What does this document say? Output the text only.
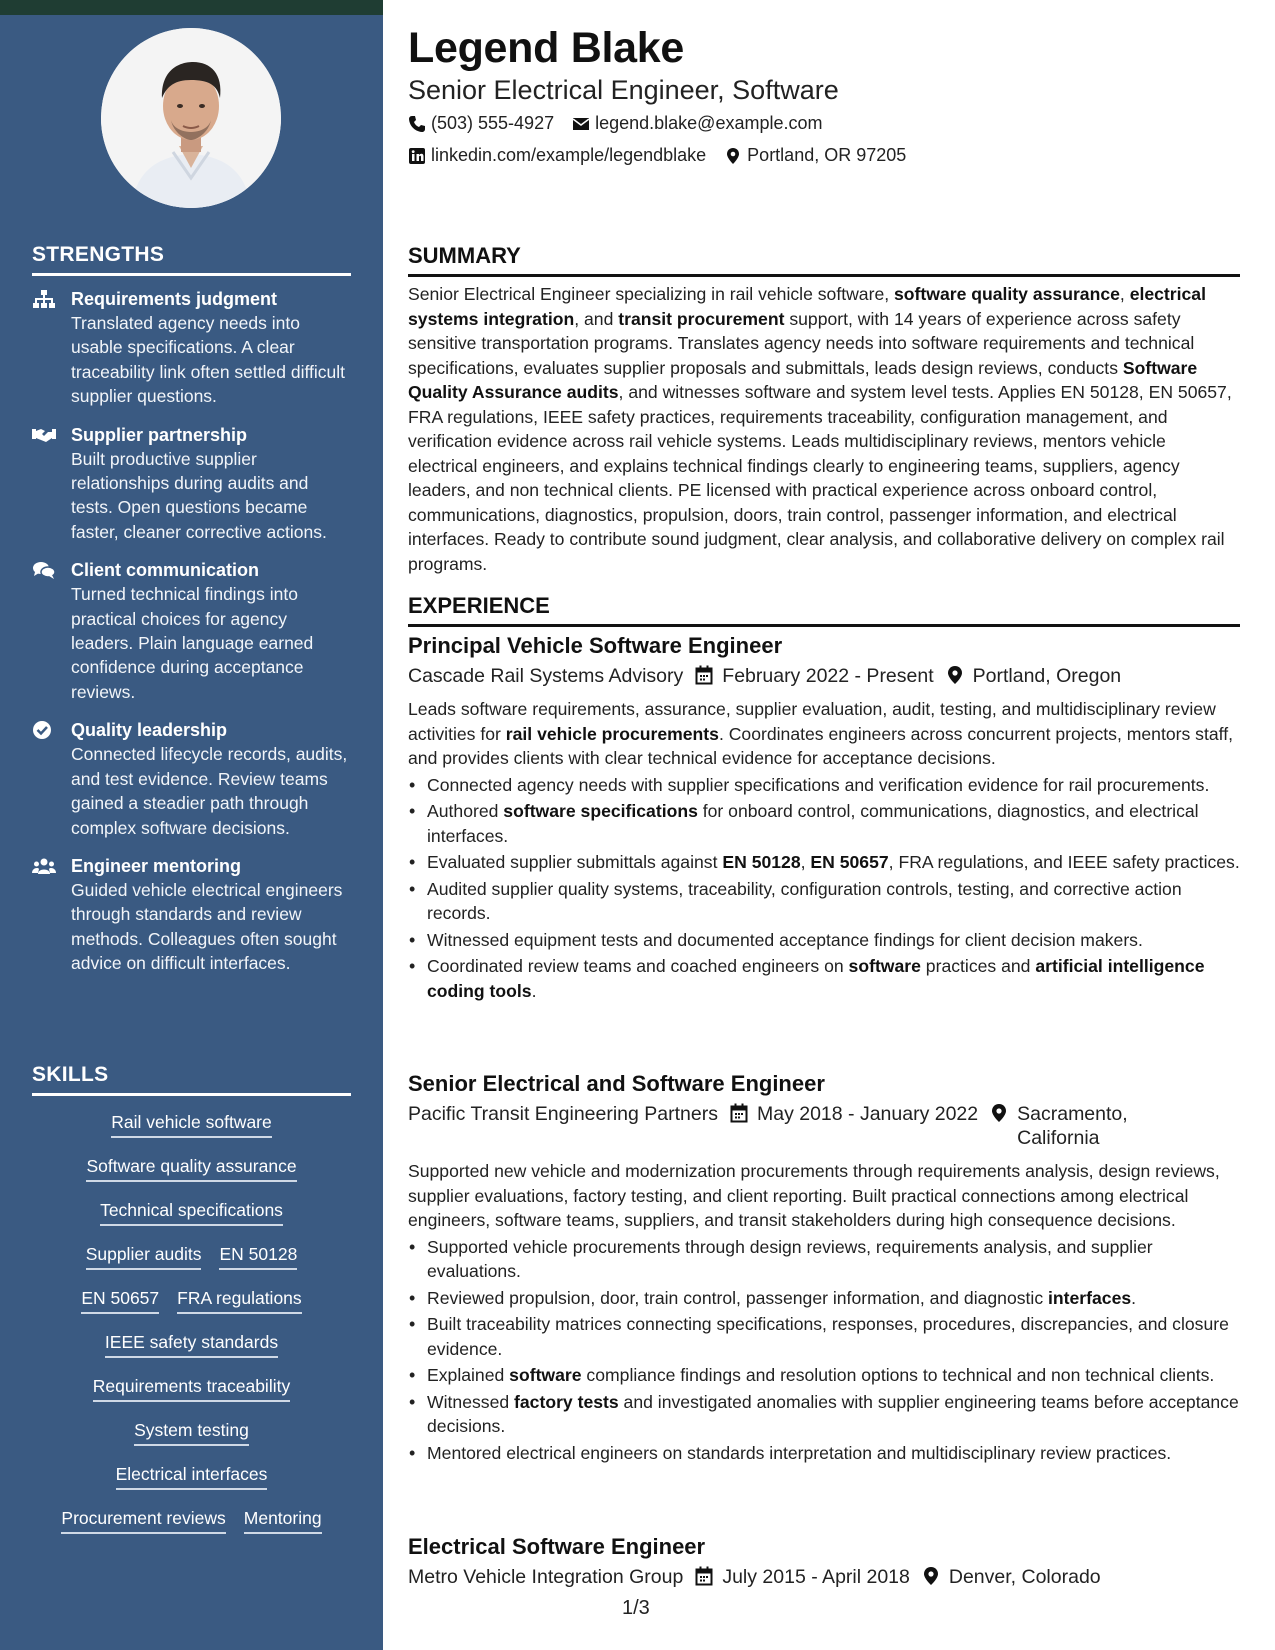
STRENGTHS
Requirements judgment
Translated agency needs into usable specifications. A clear traceability link often settled difficult supplier questions.
Supplier partnership
Built productive supplier relationships during audits and tests. Open questions became faster, cleaner corrective actions.
Client communication
Turned technical findings into practical choices for agency leaders. Plain language earned confidence during acceptance reviews.
Quality leadership
Connected lifecycle records, audits, and test evidence. Review teams gained a steadier path through complex software decisions.
Engineer mentoring
Guided vehicle electrical engineers through standards and review methods. Colleagues often sought advice on difficult interfaces.
SKILLS
Rail vehicle software
Software quality assurance
Technical specifications
Supplier audits EN 50128
EN 50657 FRA regulations
IEEE safety standards
Requirements traceability
System testing
Electrical interfaces
Procurement reviews Mentoring
Legend Blake
Senior Electrical Engineer, Software
(503) 555-4927 legend.blake@example.com
linkedin.com/example/legendblake Portland, OR 97205
SUMMARY
Senior Electrical Engineer specializing in rail vehicle software, software quality assurance, electrical systems integration, and transit procurement support, with 14 years of experience across safety sensitive transportation programs. Translates agency needs into software requirements and technical specifications, evaluates supplier proposals and submittals, leads design reviews, conducts Software Quality Assurance audits, and witnesses software and system level tests. Applies EN 50128, EN 50657, FRA regulations, IEEE safety practices, requirements traceability, configuration management, and verification evidence across rail vehicle systems. Leads multidisciplinary reviews, mentors vehicle electrical engineers, and explains technical findings clearly to engineering teams, suppliers, agency leaders, and non technical clients. PE licensed with practical experience across onboard control, communications, diagnostics, propulsion, doors, train control, passenger information, and electrical interfaces. Ready to contribute sound judgment, clear analysis, and collaborative delivery on complex rail programs.
EXPERIENCE
Principal Vehicle Software Engineer
Cascade Rail Systems Advisory February 2022 - Present Portland, Oregon
Leads software requirements, assurance, supplier evaluation, audit, testing, and multidisciplinary review activities for rail vehicle procurements. Coordinates engineers across concurrent projects, mentors staff, and provides clients with clear technical evidence for acceptance decisions.
• Connected agency needs with supplier specifications and verification evidence for rail procurements.
• Authored software specifications for onboard control, communications, diagnostics, and electrical interfaces.
• Evaluated supplier submittals against EN 50128, EN 50657, FRA regulations, and IEEE safety practices.
• Audited supplier quality systems, traceability, configuration controls, testing, and corrective action records.
• Witnessed equipment tests and documented acceptance findings for client decision makers.
• Coordinated review teams and coached engineers on software practices and artificial intelligence coding tools.
Senior Electrical and Software Engineer
Pacific Transit Engineering Partners May 2018 - January 2022 Sacramento, California
Supported new vehicle and modernization procurements through requirements analysis, design reviews, supplier evaluations, factory testing, and client reporting. Built practical connections among electrical engineers, software teams, suppliers, and transit stakeholders during high consequence decisions.
• Supported vehicle procurements through design reviews, requirements analysis, and supplier evaluations.
• Reviewed propulsion, door, train control, passenger information, and diagnostic interfaces.
• Built traceability matrices connecting specifications, responses, procedures, discrepancies, and closure evidence.
• Explained software compliance findings and resolution options to technical and non technical clients.
• Witnessed factory tests and investigated anomalies with supplier engineering teams before acceptance decisions.
• Mentored electrical engineers on standards interpretation and multidisciplinary review practices.
Electrical Software Engineer
Metro Vehicle Integration Group July 2015 - April 2018 Denver, Colorado
1/3
